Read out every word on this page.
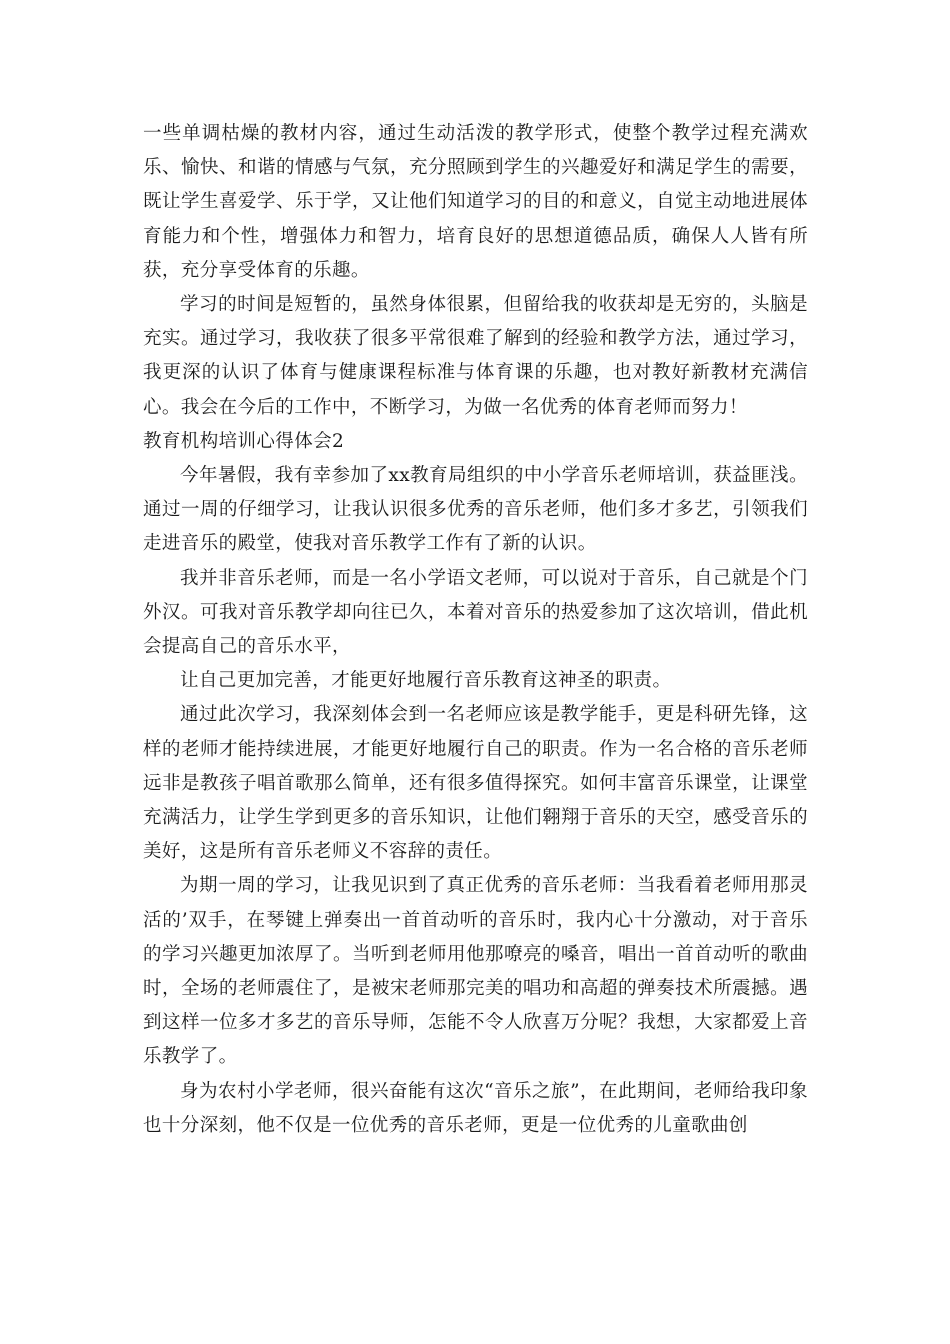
一些单调枯燥的教材内容，通过生动活泼的教学形式，使整个教学过程充满欢乐、愉快、和谐的情感与气氛，充分照顾到学生的兴趣爱好和满足学生的需要，既让学生喜爱学、乐于学，又让他们知道学习的目的和意义，自觉主动地进展体育能力和个性，增强体力和智力，培育良好的思想道德品质，确保人人皆有所获，充分享受体育的乐趣。

学习的时间是短暂的，虽然身体很累，但留给我的收获却是无穷的，头脑是充实。通过学习，我收获了很多平常很难了解到的经验和教学方法，通过学习，我更深的认识了体育与健康课程标准与体育课的乐趣，也对教好新教材充满信心。我会在今后的工作中，不断学习，为做一名优秀的体育老师而努力！

教育机构培训心得体会2

今年暑假，我有幸参加了xx教育局组织的中小学音乐老师培训，获益匪浅。通过一周的仔细学习，让我认识很多优秀的音乐老师，他们多才多艺，引领我们走进音乐的殿堂，使我对音乐教学工作有了新的认识。

我并非音乐老师，而是一名小学语文老师，可以说对于音乐，自己就是个门外汉。可我对音乐教学却向往已久，本着对音乐的热爱参加了这次培训，借此机会提高自己的音乐水平，

让自己更加完善，才能更好地履行音乐教育这神圣的职责。

通过此次学习，我深刻体会到一名老师应该是教学能手，更是科研先锋，这样的老师才能持续进展，才能更好地履行自己的职责。作为一名合格的音乐老师远非是教孩子唱首歌那么简单，还有很多值得探究。如何丰富音乐课堂，让课堂充满活力，让学生学到更多的音乐知识，让他们翱翔于音乐的天空，感受音乐的美好，这是所有音乐老师义不容辞的责任。

为期一周的学习，让我见识到了真正优秀的音乐老师：当我看着老师用那灵活的’双手，在琴键上弹奏出一首首动听的音乐时，我内心十分激动，对于音乐的学习兴趣更加浓厚了。当听到老师用他那嘹亮的嗓音，唱出一首首动听的歌曲时，全场的老师震住了，是被宋老师那完美的唱功和高超的弹奏技术所震撼。遇到这样一位多才多艺的音乐导师，怎能不令人欣喜万分呢？我想，大家都爱上音乐教学了。

身为农村小学老师，很兴奋能有这次“音乐之旅”，在此期间，老师给我印象也十分深刻，他不仅是一位优秀的音乐老师，更是一位优秀的儿童歌曲创
